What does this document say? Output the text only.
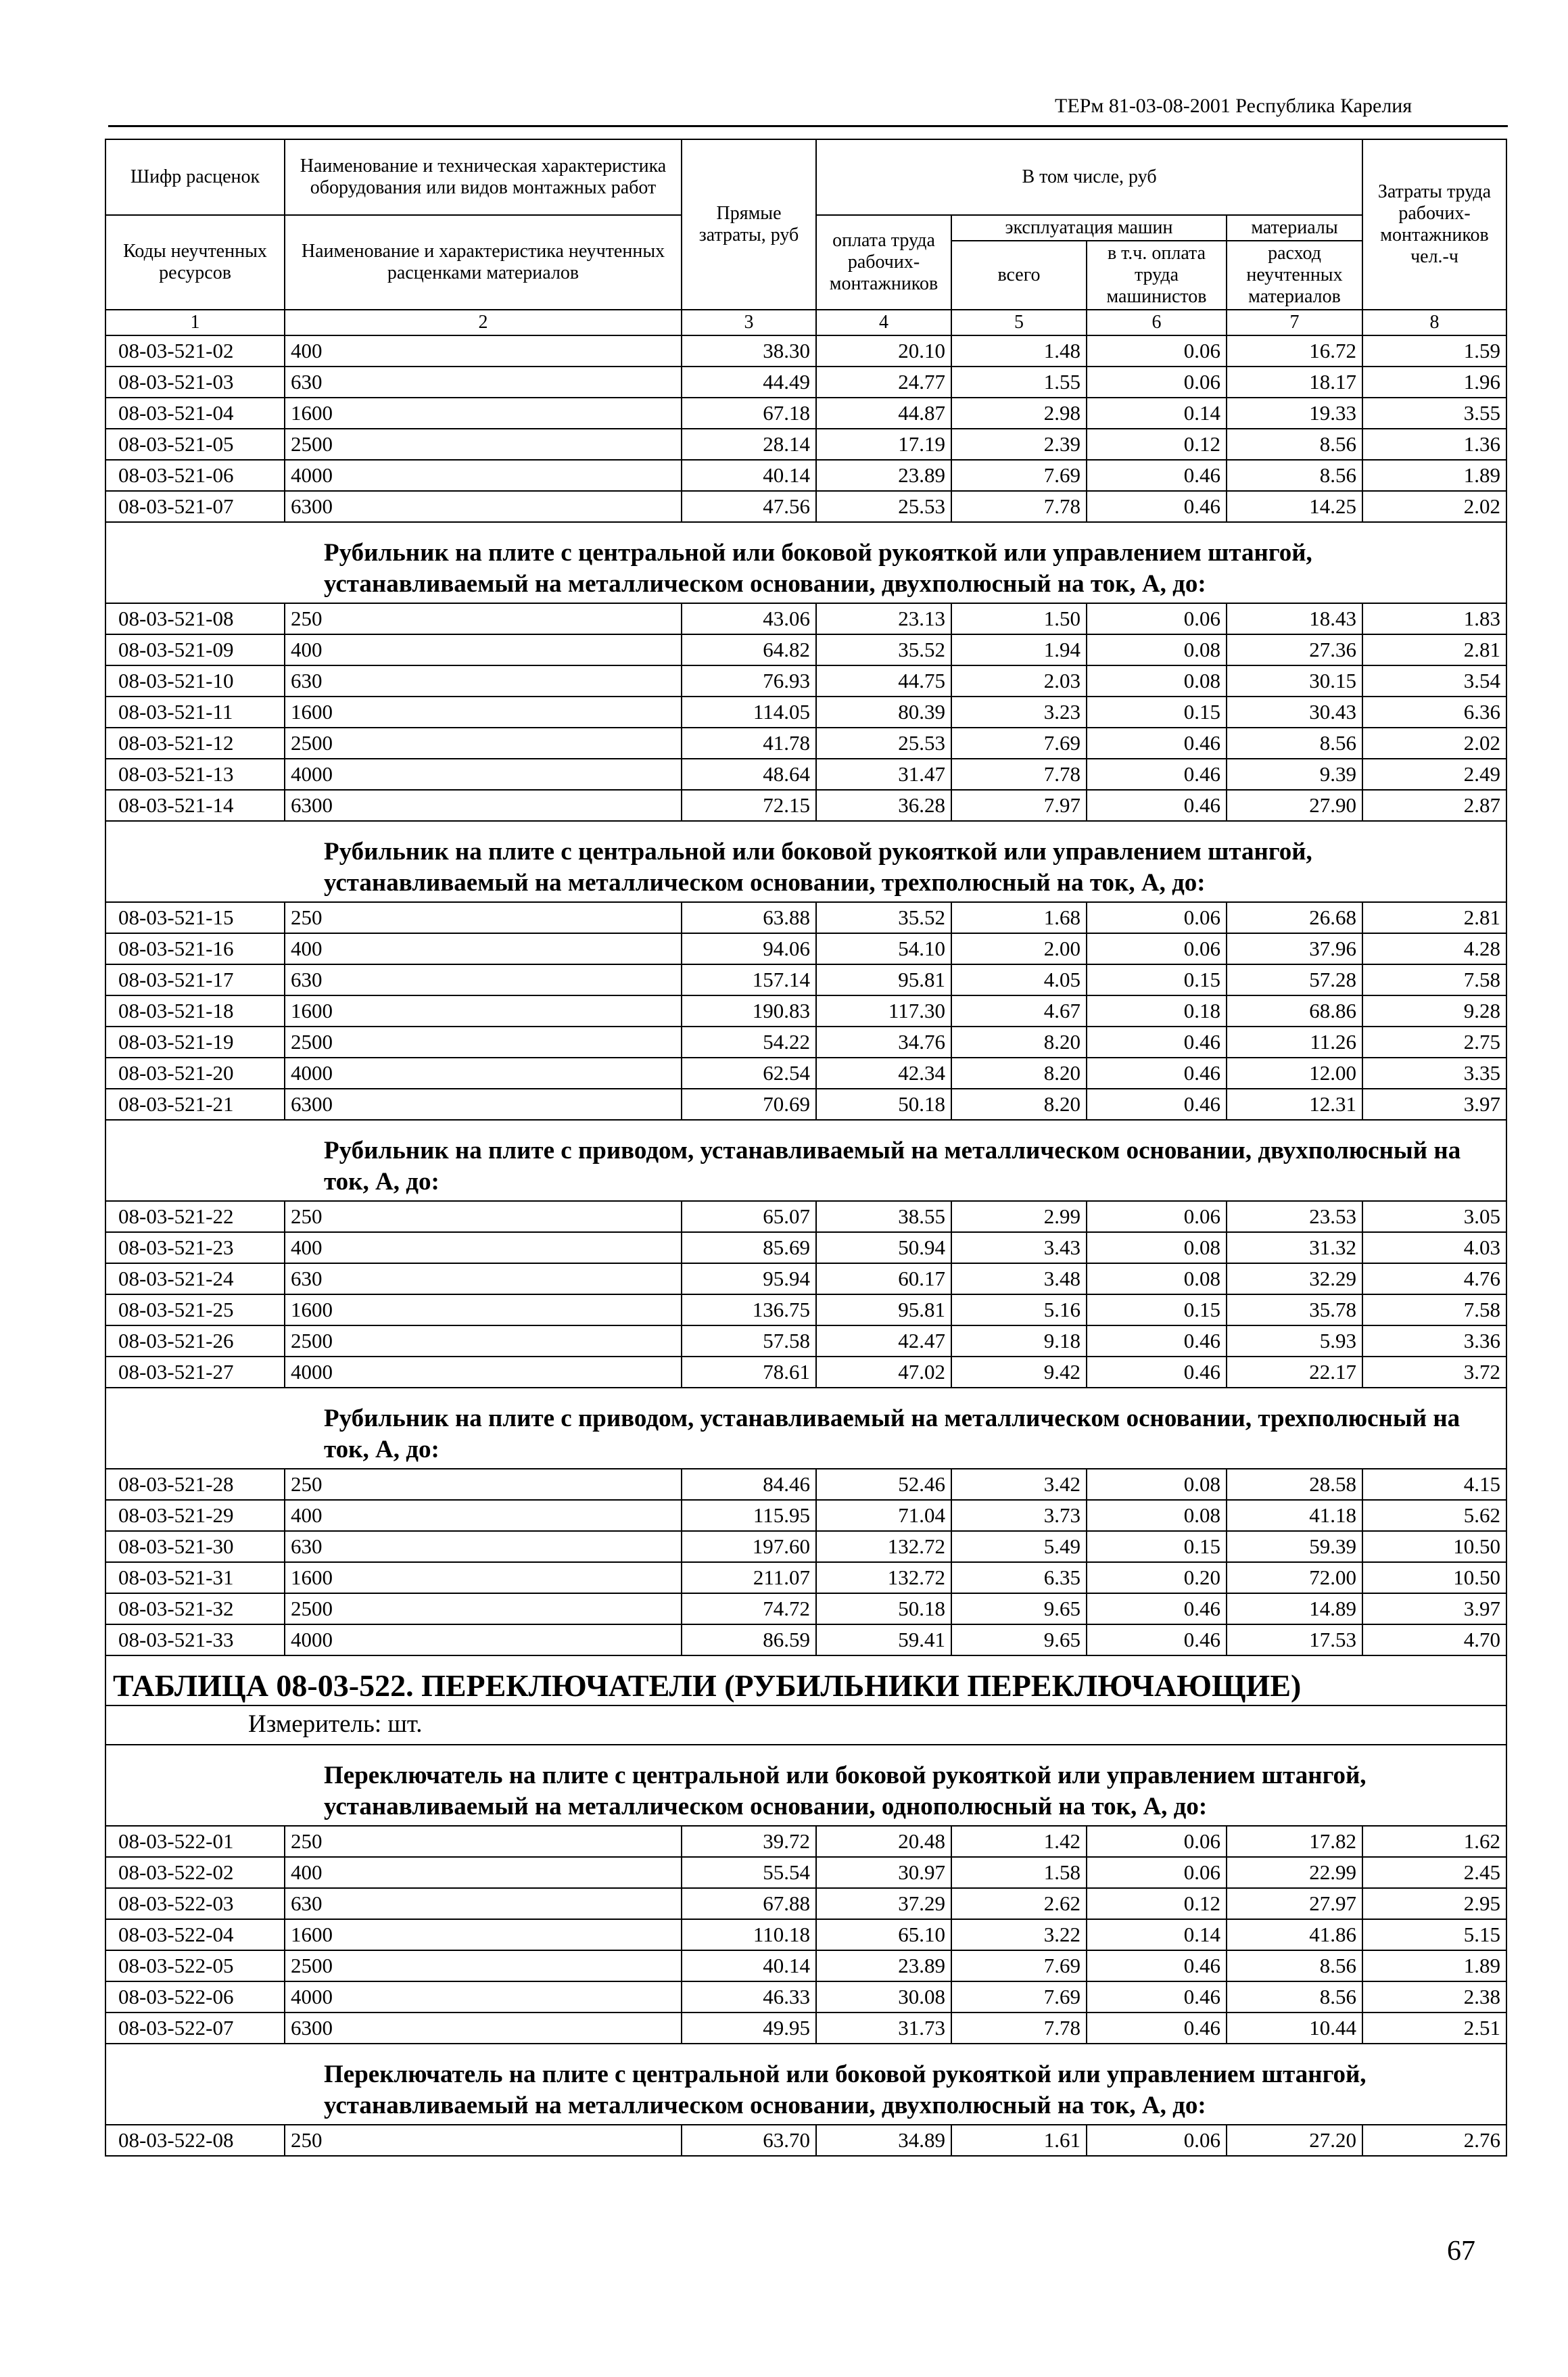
ТЕРм 81-03-08-2001 Республика Карелия
Шифр расценок	Наименование и техническая характеристика оборудования или видов монтажных работ	Прямые затраты, руб	В том числе, руб				Затраты труда рабочих-монтажников чел.-ч
Коды неучтенных ресурсов	Наименование и характеристика неучтенных расценками материалов		оплата труда рабочих-монтажников	эксплуатация машин		материалы	
				всего	в т.ч. оплата труда машинистов	расход неучтенных материалов	

1	2	3	4	5	6	7	8
08-03-521-02	400	38.30	20.10	1.48	0.06	16.72	1.59
08-03-521-03	630	44.49	24.77	1.55	0.06	18.17	1.96
08-03-521-04	1600	67.18	44.87	2.98	0.14	19.33	3.55
08-03-521-05	2500	28.14	17.19	2.39	0.12	8.56	1.36
08-03-521-06	4000	40.14	23.89	7.69	0.46	8.56	1.89
08-03-521-07	6300	47.56	25.53	7.78	0.46	14.25	2.02
Рубильник на плите с центральной или боковой рукояткой или управлением штангой, устанавливаемый на металлическом основании, двухполюсный на ток, А, до:							
08-03-521-08	250	43.06	23.13	1.50	0.06	18.43	1.83
08-03-521-09	400	64.82	35.52	1.94	0.08	27.36	2.81
08-03-521-10	630	76.93	44.75	2.03	0.08	30.15	3.54
08-03-521-11	1600	114.05	80.39	3.23	0.15	30.43	6.36
08-03-521-12	2500	41.78	25.53	7.69	0.46	8.56	2.02
08-03-521-13	4000	48.64	31.47	7.78	0.46	9.39	2.49
08-03-521-14	6300	72.15	36.28	7.97	0.46	27.90	2.87
Рубильник на плите с центральной или боковой рукояткой или управлением штангой, устанавливаемый на металлическом основании, трехполюсный на ток, А, до:							
08-03-521-15	250	63.88	35.52	1.68	0.06	26.68	2.81
08-03-521-16	400	94.06	54.10	2.00	0.06	37.96	4.28
08-03-521-17	630	157.14	95.81	4.05	0.15	57.28	7.58
08-03-521-18	1600	190.83	117.30	4.67	0.18	68.86	9.28
08-03-521-19	2500	54.22	34.76	8.20	0.46	11.26	2.75
08-03-521-20	4000	62.54	42.34	8.20	0.46	12.00	3.35
08-03-521-21	6300	70.69	50.18	8.20	0.46	12.31	3.97
Рубильник на плите с приводом, устанавливаемый на металлическом основании, двухполюсный на ток, А, до:							
08-03-521-22	250	65.07	38.55	2.99	0.06	23.53	3.05
08-03-521-23	400	85.69	50.94	3.43	0.08	31.32	4.03
08-03-521-24	630	95.94	60.17	3.48	0.08	32.29	4.76
08-03-521-25	1600	136.75	95.81	5.16	0.15	35.78	7.58
08-03-521-26	2500	57.58	42.47	9.18	0.46	5.93	3.36
08-03-521-27	4000	78.61	47.02	9.42	0.46	22.17	3.72
Рубильник на плите с приводом, устанавливаемый на металлическом основании, трехполюсный на ток, А, до:							
08-03-521-28	250	84.46	52.46	3.42	0.08	28.58	4.15
08-03-521-29	400	115.95	71.04	3.73	0.08	41.18	5.62
08-03-521-30	630	197.60	132.72	5.49	0.15	59.39	10.50
08-03-521-31	1600	211.07	132.72	6.35	0.20	72.00	10.50
08-03-521-32	2500	74.72	50.18	9.65	0.46	14.89	3.97
08-03-521-33	4000	86.59	59.41	9.65	0.46	17.53	4.70
ТАБЛИЦА 08-03-522. ПЕРЕКЛЮЧАТЕЛИ (РУБИЛЬНИКИ ПЕРЕКЛЮЧАЮЩИЕ)							
Измеритель: шт.							
Переключатель на плите с центральной или боковой рукояткой или управлением штангой, устанавливаемый на металлическом основании, однополюсный на ток, А, до:							
08-03-522-01	250	39.72	20.48	1.42	0.06	17.82	1.62
08-03-522-02	400	55.54	30.97	1.58	0.06	22.99	2.45
08-03-522-03	630	67.88	37.29	2.62	0.12	27.97	2.95
08-03-522-04	1600	110.18	65.10	3.22	0.14	41.86	5.15
08-03-522-05	2500	40.14	23.89	7.69	0.46	8.56	1.89
08-03-522-06	4000	46.33	30.08	7.69	0.46	8.56	2.38
08-03-522-07	6300	49.95	31.73	7.78	0.46	10.44	2.51
Переключатель на плите с центральной или боковой рукояткой или управлением штангой, устанавливаемый на металлическом основании, двухполюсный на ток, А, до:							
08-03-522-08	250	63.70	34.89	1.61	0.06	27.20	2.76
67
